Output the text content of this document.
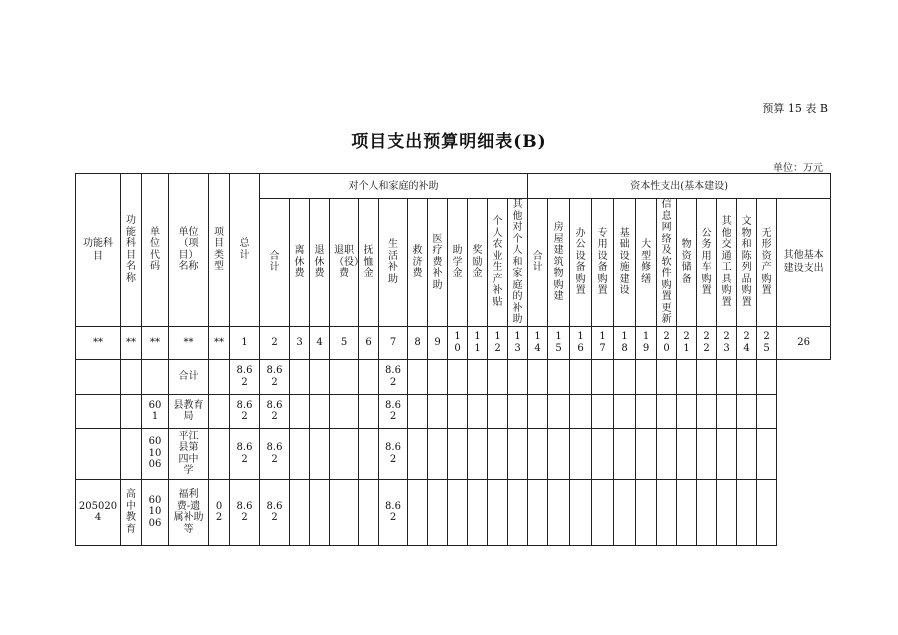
预算 15 表 B
项目支出预算明细表(B)
单位：万元
功能科目	功能科目名称	单位代码	单位（项目）名称	项目类型	总计	对个人和家庭的补助												资本性支出(基本建设)												

						合计	离休费	退休费	退职（役）费	抚恤金	生活补助	救济费	医疗费补助	助学金	奖励金	个人农业生产补贴	其他对个人和家庭的补助	合计	房屋建筑物购建	办公设备购置	专用设备购置	基础设施建设	大型修缮	信息网络及软件购置更新	物资储备	公务用车购置	其他交通工具购置	文物和陈列品购置	无形资产购置	其他基本建设支出

**	**	**	**	**	1	2	3	4	5	6	7	8	9	10	11	12	13	14	15	16	17	18	19	20	21	22	23	24	25	26
			合计		8.62	8.62					8.62																			

		601	县教育局		8.62	8.62					8.62																			

		601006	平江县第四中学		8.62	8.62					8.62																			

2050204	高中教育	601006	福利费-遗属补助等	02	8.62	8.62					8.62																			
